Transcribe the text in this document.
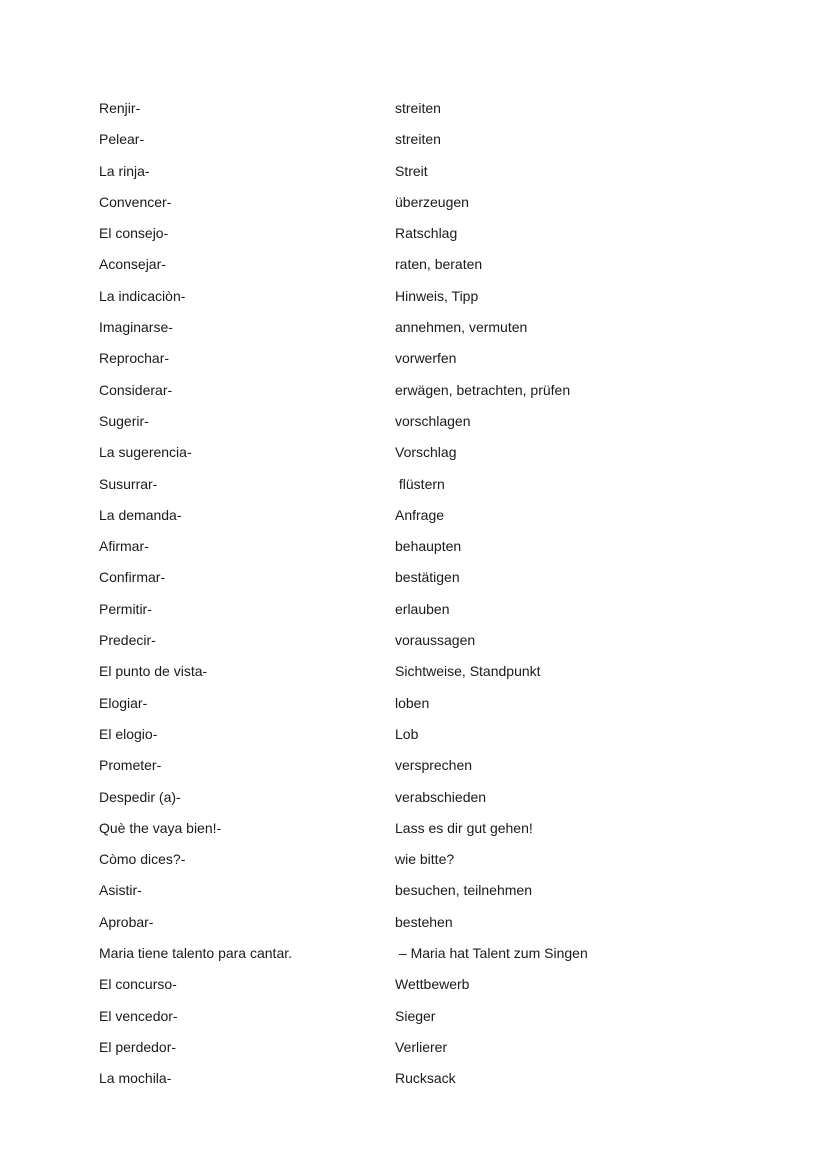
Renjir-	streiten
Pelear-	streiten
La rinja-	Streit
Convencer-	überzeugen
El consejo-	Ratschlag
Aconsejar-	raten, beraten
La indicaciòn-	Hinweis, Tipp
Imaginarse-	annehmen, vermuten
Reprochar-	vorwerfen
Considerar-	erwägen, betrachten, prüfen
Sugerir-	vorschlagen
La sugerencia-	Vorschlag
Susurrar-	flüstern
La demanda-	Anfrage
Afirmar-	behaupten
Confirmar-	bestätigen
Permitir-	erlauben
Predecir-	voraussagen
El punto de vista-	Sichtweise, Standpunkt
Elogiar-	loben
El elogio-	Lob
Prometer-	versprechen
Despedir (a)-	verabschieden
Què the vaya bien!-	Lass es dir gut gehen!
Còmo dices?-	wie bitte?
Asistir-	besuchen, teilnehmen
Aprobar-	bestehen
Maria tiene talento para cantar.	– Maria hat Talent zum Singen
El concurso-	Wettbewerb
El vencedor-	Sieger
El perdedor-	Verlierer
La mochila-	Rucksack
